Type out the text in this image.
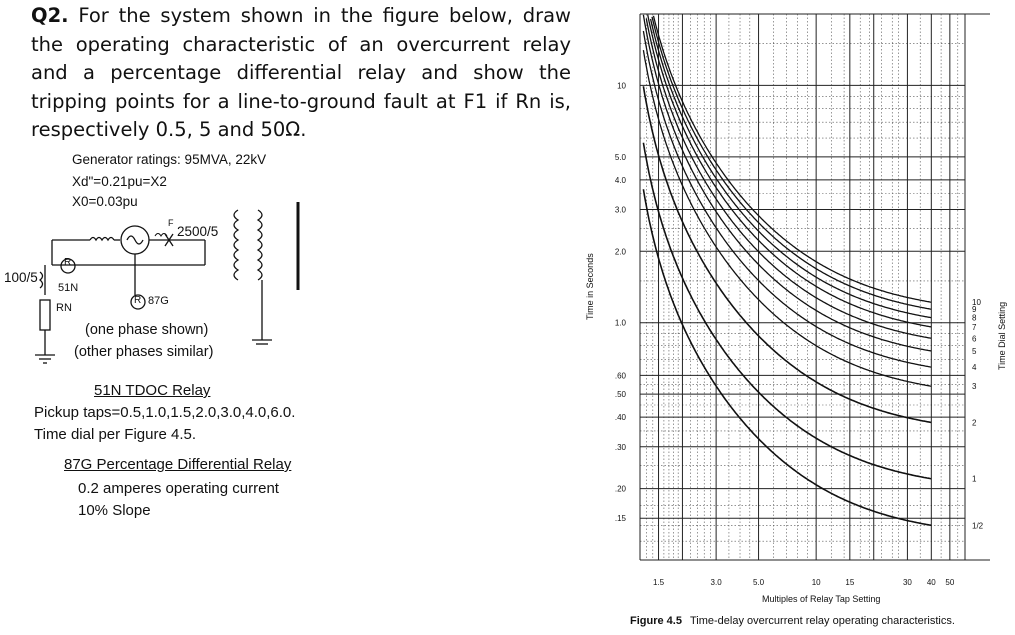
Q2. For the system shown in the figure below, draw the operating characteristic of an overcurrent relay and a percentage differential relay and show the tripping points for a line-to-ground fault at F1 if Rn is, respectively 0.5, 5 and 50Ω.
Generator ratings: 95MVA, 22kV
Xd"=0.21pu=X2
X0=0.03pu
F
2500/5
100/5
R
51N
R 87G
RN
(one phase shown)
(other phases similar)
51N TDOC Relay
Pickup taps=0.5,1.0,1.5,2.0,3.0,4.0,6.0.
Time dial per Figure 4.5.
87G Percentage Differential Relay
0.2 amperes operating current
10% Slope
10
5.0
4.0
3.0
2.0
1.0
.60
.50
.40
.30
.20
.15
1.5	3.0	5.0	10	15	30 40 50
1/2
1
2
3
4
5
6
7
8
9
10
Time in Seconds
Multiples of Relay Tap Setting
Time Dial Setting
Figure 4.5 Time-delay overcurrent relay operating characteristics.
